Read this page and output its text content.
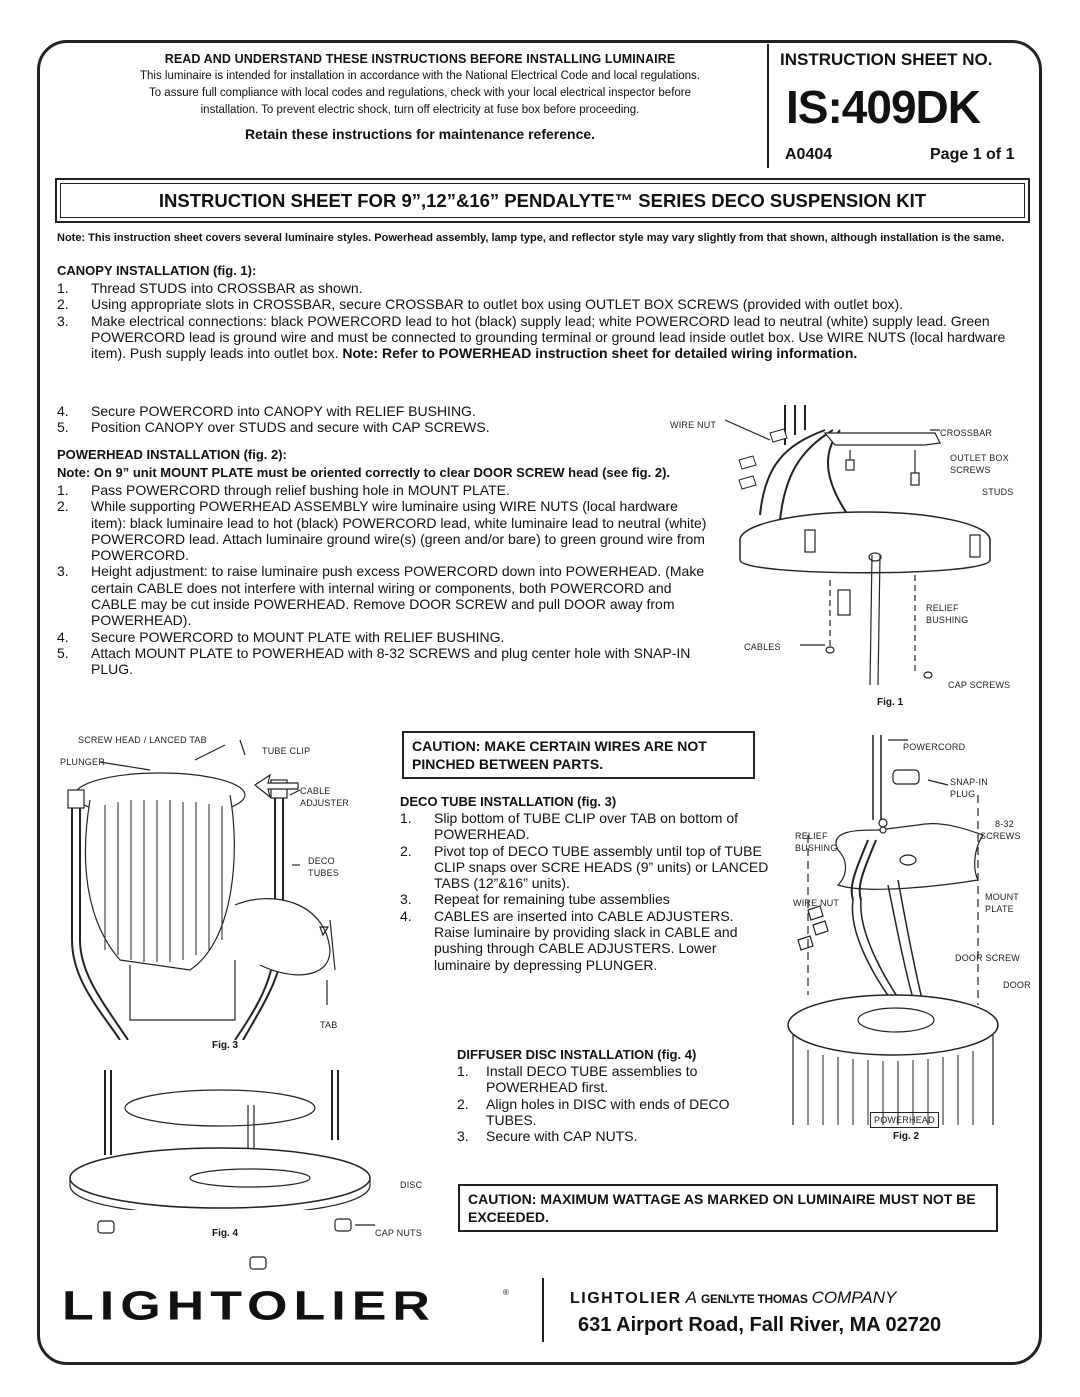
READ AND UNDERSTAND THESE INSTRUCTIONS BEFORE INSTALLING LUMINAIRE
This luminaire is intended for installation in accordance with the National Electrical Code and local regulations.
To assure full compliance with local codes and regulations, check with your local electrical inspector before
installation. To prevent electric shock, turn off electricity at fuse box before proceeding.
Retain these instructions for maintenance reference.
INSTRUCTION SHEET NO.
IS:409DK
A0404	Page 1 of 1
INSTRUCTION SHEET FOR 9”,12”&16” PENDALYTE™ SERIES DECO SUSPENSION KIT
Note: This instruction sheet covers several luminaire styles. Powerhead assembly, lamp type, and reflector style may vary slightly from that shown, although installation is the same.
CANOPY INSTALLATION (fig. 1):
1. Thread STUDS into CROSSBAR as shown.
2. Using appropriate slots in CROSSBAR, secure CROSSBAR to outlet box using OUTLET BOX SCREWS (provided with outlet box).
3. Make electrical connections: black POWERCORD lead to hot (black) supply lead; white POWERCORD lead to neutral (white) supply lead. Green POWERCORD lead is ground wire and must be connected to grounding terminal or ground lead inside outlet box. Use WIRE NUTS (local hardware item). Push supply leads into outlet box. Note: Refer to POWERHEAD instruction sheet for detailed wiring information.
4. Secure POWERCORD into CANOPY with RELIEF BUSHING.
5. Position CANOPY over STUDS and secure with CAP SCREWS.
POWERHEAD INSTALLATION (fig. 2):
Note: On 9” unit MOUNT PLATE must be oriented correctly to clear DOOR SCREW head (see fig. 2).
1. Pass POWERCORD through relief bushing hole in MOUNT PLATE.
2. While supporting POWERHEAD ASSEMBLY wire luminaire using WIRE NUTS (local hardware item): black luminaire lead to hot (black) POWERCORD lead, white luminaire lead to neutral (white) POWERCORD lead. Attach luminaire ground wire(s) (green and/or bare) to green ground wire from POWERCORD.
3. Height adjustment: to raise luminaire push excess POWERCORD down into POWERHEAD. (Make certain CABLE does not interfere with internal wiring or components, both POWERCORD and CABLE may be cut inside POWERHEAD. Remove DOOR SCREW and pull DOOR away from POWERHEAD).
4. Secure POWERCORD to MOUNT PLATE with RELIEF BUSHING.
5. Attach MOUNT PLATE to POWERHEAD with 8-32 SCREWS and plug center hole with SNAP-IN PLUG.
WIRE NUT
CROSSBAR
OUTLET BOX
SCREWS
STUDS
RELIEF
BUSHING
CABLES
CAP SCREWS
Fig. 1
SCREW HEAD / LANCED TAB
TUBE CLIP
PLUNGER
CABLE
ADJUSTER
DECO
TUBES
TAB
Fig. 3
DISC
CAP NUTS
Fig. 4
CAUTION: MAKE CERTAIN WIRES ARE NOT PINCHED BETWEEN PARTS.
DECO TUBE INSTALLATION (fig. 3)
1. Slip bottom of TUBE CLIP over TAB on bottom of POWERHEAD.
2. Pivot top of DECO TUBE assembly until top of TUBE CLIP snaps over SCRE HEADS (9” units) or LANCED TABS (12”&16” units).
3. Repeat for remaining tube assemblies
4. CABLES are inserted into CABLE ADJUSTERS. Raise luminaire by providing slack in CABLE and pushing through CABLE ADJUSTERS. Lower luminaire by depressing PLUNGER.
DIFFUSER DISC INSTALLATION (fig. 4)
1. Install DECO TUBE assemblies to POWERHEAD first.
2. Align holes in DISC with ends of DECO TUBES.
3. Secure with CAP NUTS.
POWERCORD
SNAP-IN
PLUG
8-32
SCREWS
RELIEF
BUSHING
MOUNT
PLATE
WIRE NUT
DOOR SCREW
DOOR
POWERHEAD
Fig. 2
CAUTION: MAXIMUM WATTAGE AS MARKED ON LUMINAIRE MUST NOT BE EXCEEDED.
LIGHTOLIER	®	LIGHTOLIER A GENLYTE THOMAS COMPANY
631 Airport Road, Fall River, MA 02720
